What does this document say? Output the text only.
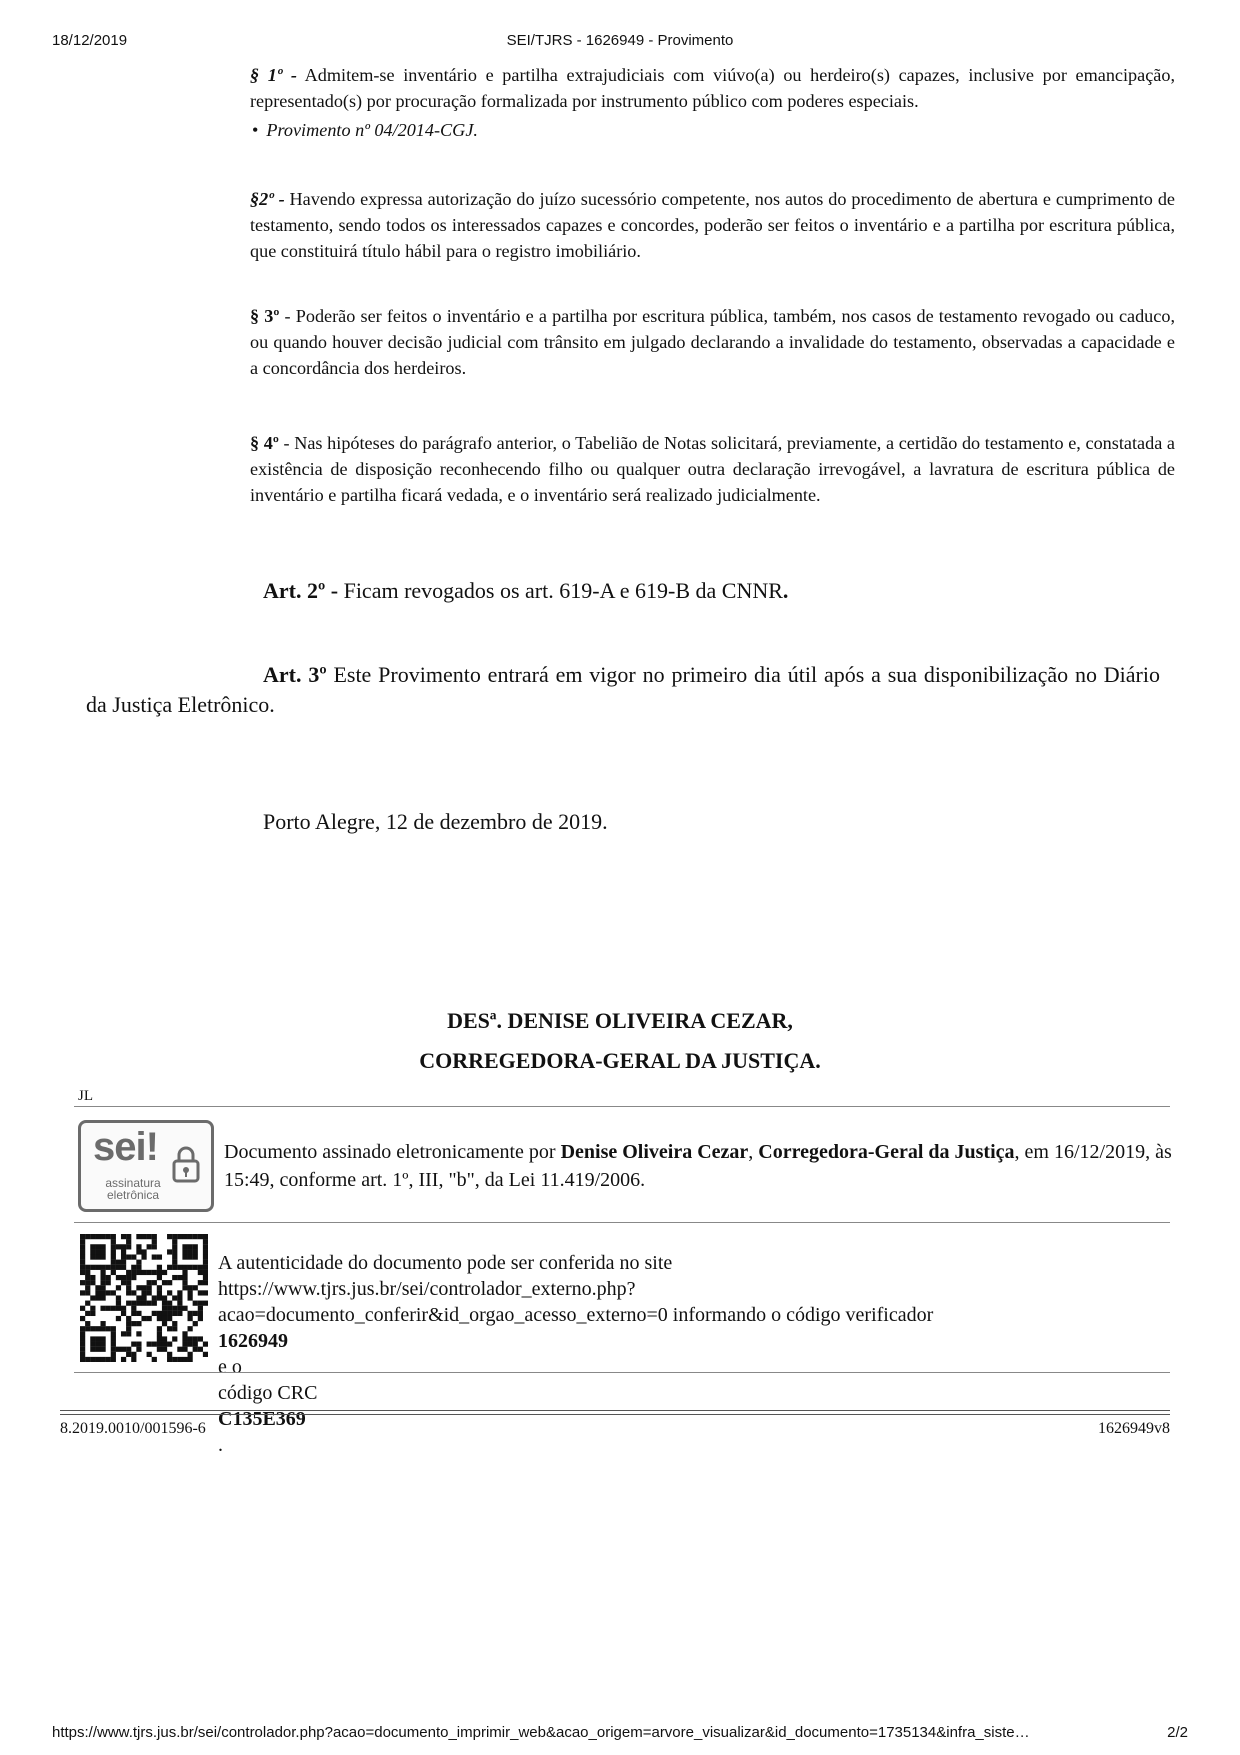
18/12/2019	SEI/TJRS - 1626949 - Provimento

§ 1º - Admitem-se inventário e partilha extrajudiciais com viúvo(a) ou herdeiro(s) capazes, inclusive por emancipação, representado(s) por procuração formalizada por instrumento público com poderes especiais.

• Provimento nº 04/2014-CGJ.

§2º - Havendo expressa autorização do juízo sucessório competente, nos autos do procedimento de abertura e cumprimento de testamento, sendo todos os interessados capazes e concordes, poderão ser feitos o inventário e a partilha por escritura pública, que constituirá título hábil para o registro imobiliário.

§ 3º - Poderão ser feitos o inventário e a partilha por escritura pública, também, nos casos de testamento revogado ou caduco, ou quando houver decisão judicial com trânsito em julgado declarando a invalidade do testamento, observadas a capacidade e a concordância dos herdeiros.

§ 4º - Nas hipóteses do parágrafo anterior, o Tabelião de Notas solicitará, previamente, a certidão do testamento e, constatada a existência de disposição reconhecendo filho ou qualquer outra declaração irrevogável, a lavratura de escritura pública de inventário e partilha ficará vedada, e o inventário será realizado judicialmente.

Art. 2º - Ficam revogados os art. 619-A e 619-B da CNNR.

Art. 3º Este Provimento entrará em vigor no primeiro dia útil após a sua disponibilização no Diário da Justiça Eletrônico.

Porto Alegre, 12 de dezembro de 2019.

DESª. DENISE OLIVEIRA CEZAR,

CORREGEDORA-GERAL DA JUSTIÇA.

JL
sei!
assinatura
eletrônica

Documento assinado eletronicamente por Denise Oliveira Cezar, Corregedora-Geral da Justiça, em 16/12/2019, às 15:49, conforme art. 1º, III, "b", da Lei 11.419/2006.

A autenticidade do documento pode ser conferida no site
https://www.tjrs.jus.br/sei/controlador_externo.php?
acao=documento_conferir&id_orgao_acesso_externo=0 informando o código verificador
1626949
e o
código CRC
C135E369
.
8.2019.0010/001596-6	1626949v8
https://www.tjrs.jus.br/sei/controlador.php?acao=documento_imprimir_web&acao_origem=arvore_visualizar&id_documento=1735134&infra_siste…	2/2
